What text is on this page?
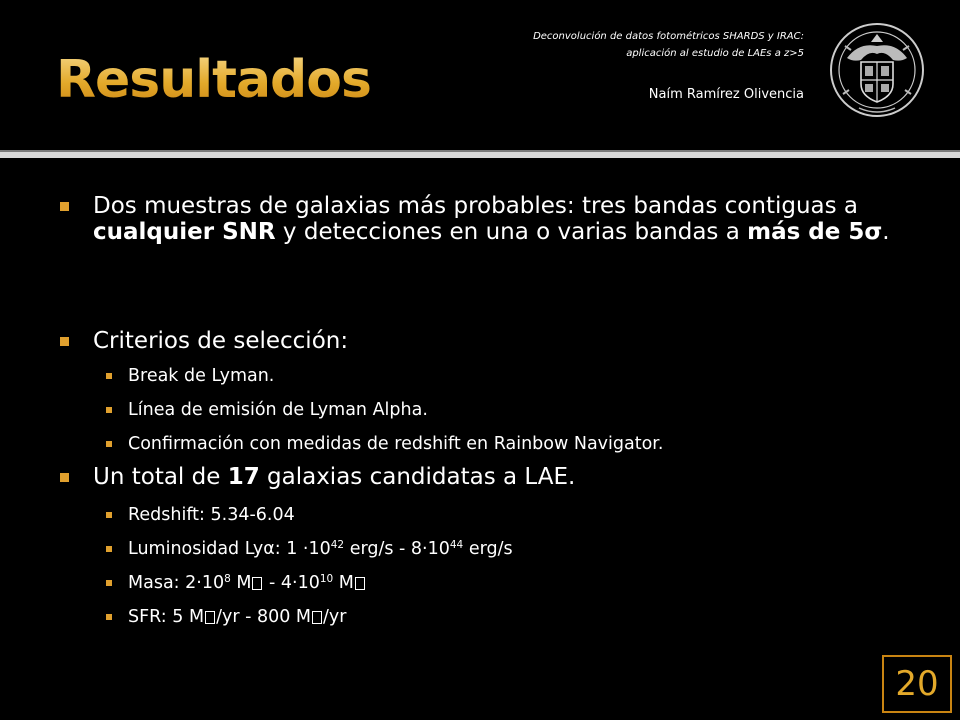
Resultados
Deconvolución de datos fotométricos SHARDS y IRAC:
aplicación al estudio de LAEs a z>5
Naím Ramírez Olivencia
Dos muestras de galaxias más probables: tres bandas contiguas a cualquier SNR y detecciones en una o varias bandas a más de 5σ.
Criterios de selección:
Break de Lyman.
Línea de emisión de Lyman Alpha.
Confirmación con medidas de redshift en Rainbow Navigator.
Un total de 17 galaxias candidatas a LAE.
Redshift: 5.34-6.04
Luminosidad Lyα: $1 \cdot 10^{42}$ $erg/s - 8\cdot 10^{44}$ erg/s
Masa: $2\cdot 10^8$ $M - 4\cdot 10^{10}$ M
SFR: 5 M /yr - 800 M /yr
20
